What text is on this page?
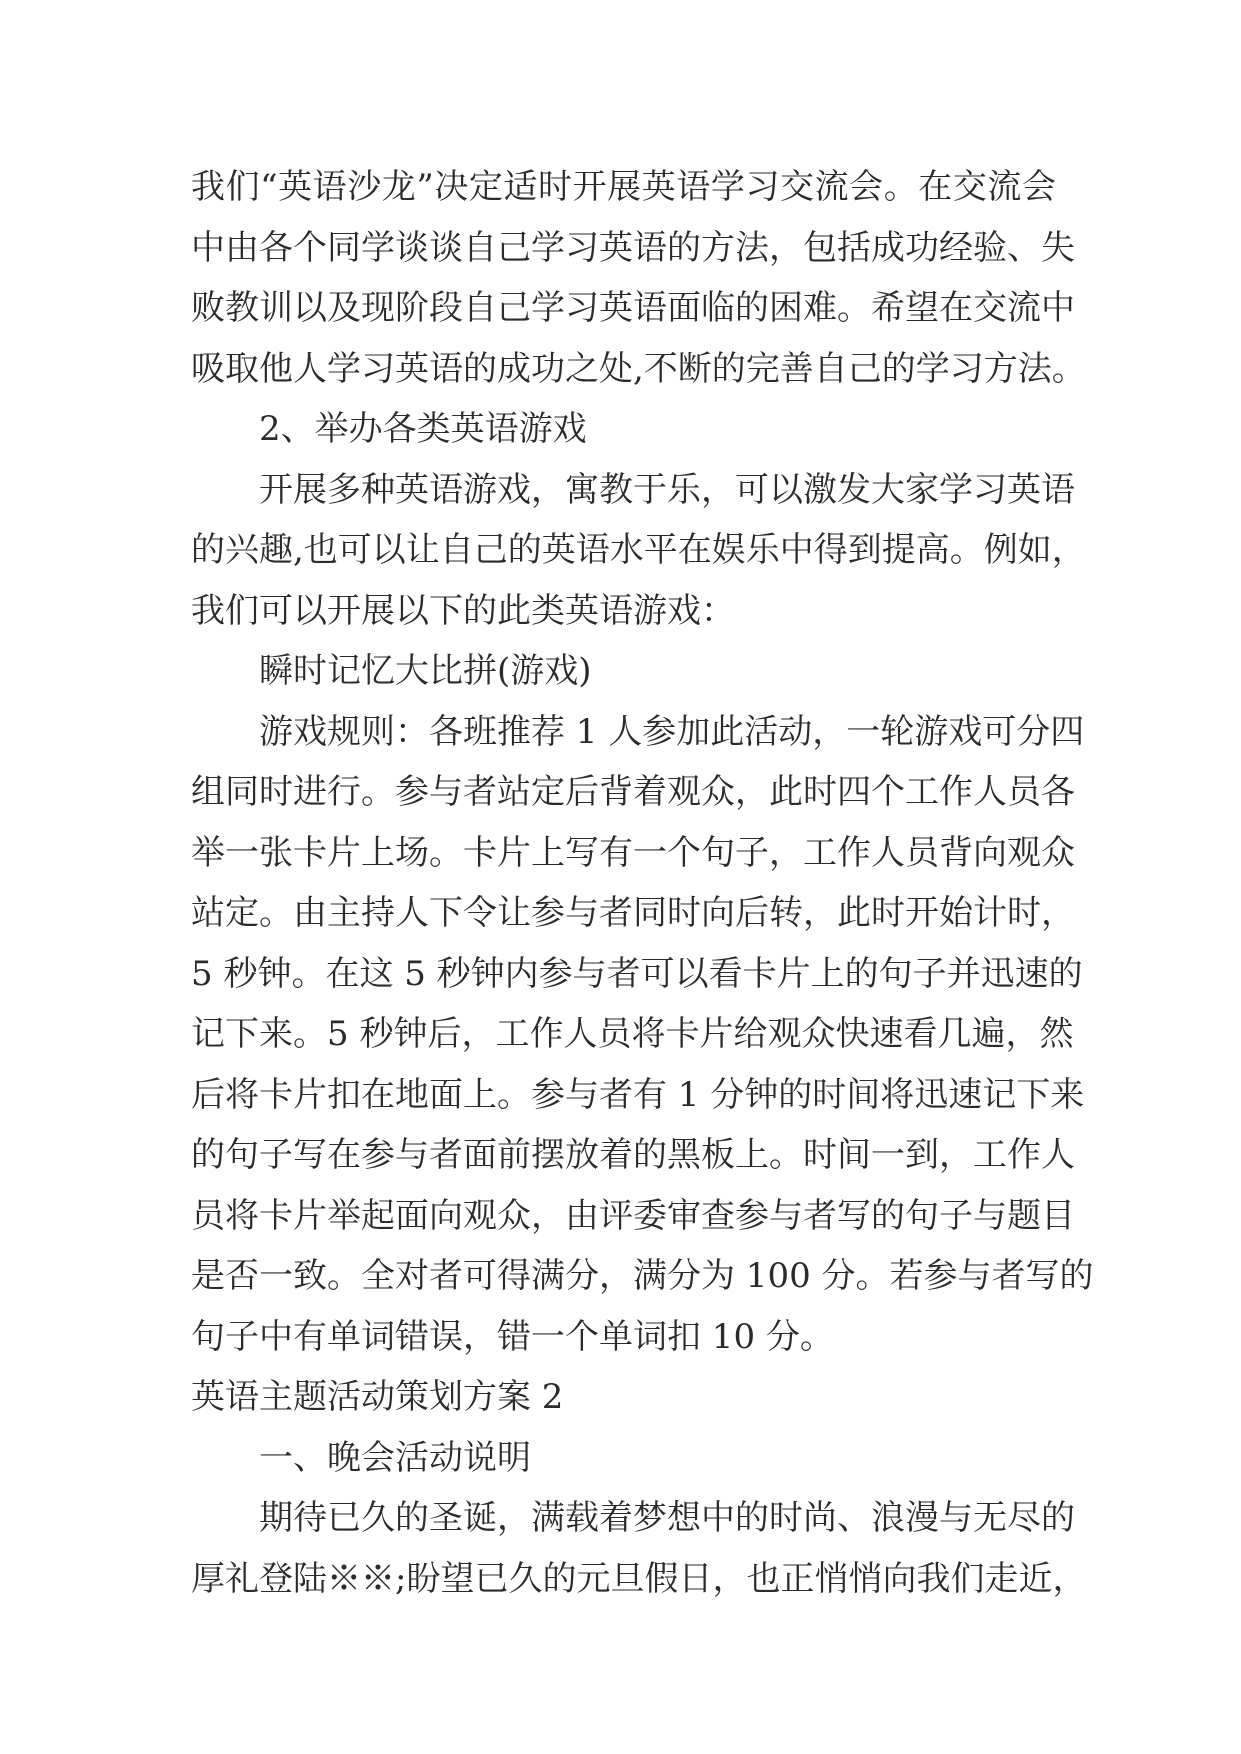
我们“英语沙龙”决定适时开展英语学习交流会。在交流会
中由各个同学谈谈自己学习英语的方法，包括成功经验、失
败教训以及现阶段自己学习英语面临的困难。希望在交流中
吸取他人学习英语的成功之处,不断的完善自己的学习方法。
2、举办各类英语游戏
开展多种英语游戏，寓教于乐，可以激发大家学习英语
的兴趣,也可以让自己的英语水平在娱乐中得到提高。例如，
我们可以开展以下的此类英语游戏：
瞬时记忆大比拼(游戏)
游戏规则：各班推荐 1 人参加此活动，一轮游戏可分四
组同时进行。参与者站定后背着观众，此时四个工作人员各
举一张卡片上场。卡片上写有一个句子，工作人员背向观众
站定。由主持人下令让参与者同时向后转，此时开始计时，
5 秒钟。在这 5 秒钟内参与者可以看卡片上的句子并迅速的
记下来。5 秒钟后，工作人员将卡片给观众快速看几遍，然
后将卡片扣在地面上。参与者有 1 分钟的时间将迅速记下来
的句子写在参与者面前摆放着的黑板上。时间一到，工作人
员将卡片举起面向观众，由评委审查参与者写的句子与题目
是否一致。全对者可得满分，满分为 100 分。若参与者写的
句子中有单词错误，错一个单词扣 10 分。
英语主题活动策划方案 2
一、晚会活动说明
期待已久的圣诞，满载着梦想中的时尚、浪漫与无尽的
厚礼登陆※※;盼望已久的元旦假日，也正悄悄向我们走近，
